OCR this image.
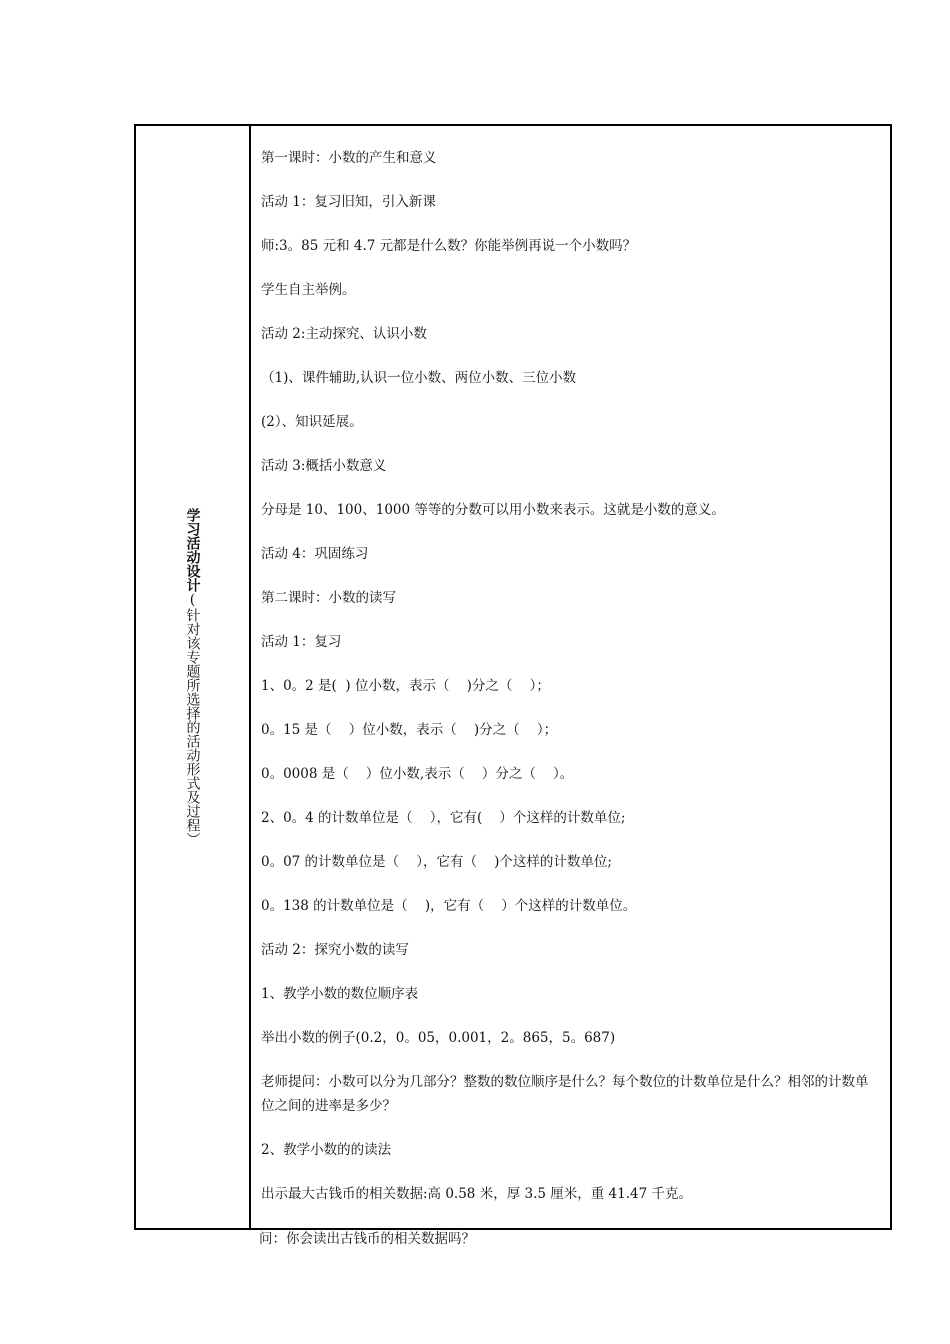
学习活动设计(针对该专题所选择的活动形式及过程）
第一课时：小数的产生和意义
活动 1：复习旧知，引入新课
师:3。85 元和 4.7 元都是什么数？你能举例再说一个小数吗？
学生自主举例。
活动 2:主动探究、认识小数
（1)、课件辅助,认识一位小数、两位小数、三位小数
(2）、知识延展。
活动 3:概括小数意义
分母是 10、100、1000 等等的分数可以用小数来表示。这就是小数的意义。
活动 4：巩固练习
第二课时：小数的读写
活动 1：复习
1、0。2 是(  ) 位小数，表示（    )分之（    ）；
0。15 是（    ）位小数，表示（    )分之（    ）；
0。0008 是（    ）位小数,表示（    ）分之（    ）。
2、0。4 的计数单位是（    ），它有(    ）个这样的计数单位;
0。07 的计数单位是（    ），它有（    )个这样的计数单位;
0。138 的计数单位是（    )，它有（    ）个这样的计数单位。
活动 2：探究小数的读写
1、教学小数的数位顺序表
举出小数的例子(0.2，0。05，0.001，2。865，5。687)
老师提问：小数可以分为几部分？整数的数位顺序是什么？每个数位的计数单位是什么？相邻的计数单位之间的进率是多少？
2、教学小数的的读法
出示最大古钱币的相关数据:高 0.58 米，厚 3.5 厘米，重 41.47 千克。
问：你会读出古钱币的相关数据吗？
